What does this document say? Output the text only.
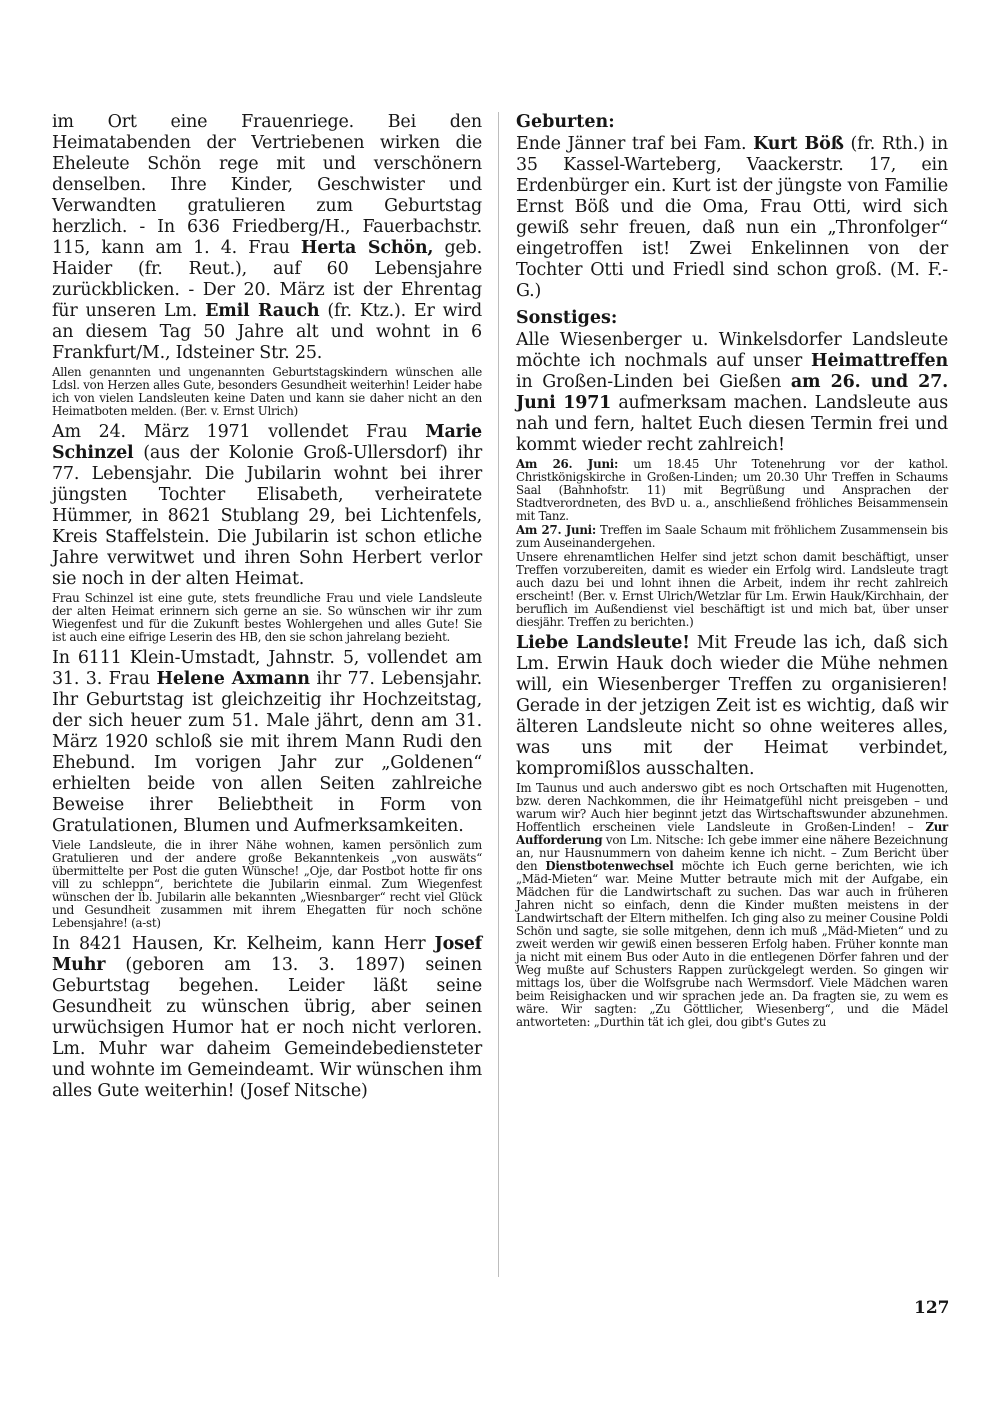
im Ort eine Frauenriege. Bei den Heimatabenden der Vertriebenen wirken die Eheleute Schön rege mit und verschönern denselben. Ihre Kinder, Geschwister und Verwandten gratulieren zum Geburtstag herzlich. - In 636 Friedberg/H., Fauerbachstr. 115, kann am 1. 4. Frau Herta Schön, geb. Haider (fr. Reut.), auf 60 Lebensjahre zurückblicken. - Der 20. März ist der Ehrentag für unseren Lm. Emil Rauch (fr. Ktz.). Er wird an diesem Tag 50 Jahre alt und wohnt in 6 Frankfurt/M., Idsteiner Str. 25.

Allen genannten und ungenannten Geburtstagskindern wünschen alle Ldsl. von Herzen alles Gute, besonders Gesundheit weiterhin! Leider habe ich von vielen Landsleuten keine Daten und kann sie daher nicht an den Heimatboten melden. (Ber. v. Ernst Ulrich)

Am 24. März 1971 vollendet Frau Marie Schinzel (aus der Kolonie Groß-Ullersdorf) ihr 77. Lebensjahr. Die Jubilarin wohnt bei ihrer jüngsten Tochter Elisabeth, verheiratete Hümmer, in 8621 Stublang 29, bei Lichtenfels, Kreis Staffelstein. Die Jubilarin ist schon etliche Jahre verwitwet und ihren Sohn Herbert verlor sie noch in der alten Heimat.

Frau Schinzel ist eine gute, stets freundliche Frau und viele Landsleute der alten Heimat erinnern sich gerne an sie. So wünschen wir ihr zum Wiegenfest und für die Zukunft bestes Wohlergehen und alles Gute! Sie ist auch eine eifrige Leserin des HB, den sie schon jahrelang bezieht.

In 6111 Klein-Umstadt, Jahnstr. 5, vollendet am 31. 3. Frau Helene Axmann ihr 77. Lebensjahr. Ihr Geburtstag ist gleichzeitig ihr Hochzeitstag, der sich heuer zum 51. Male jährt, denn am 31. März 1920 schloß sie mit ihrem Mann Rudi den Ehebund. Im vorigen Jahr zur „Goldenen“ erhielten beide von allen Seiten zahlreiche Beweise ihrer Beliebtheit in Form von Gratulationen, Blumen und Aufmerksamkeiten.

Viele Landsleute, die in ihrer Nähe wohnen, kamen persönlich zum Gratulieren und der andere große Bekanntenkeis „von auswäts“ übermittelte per Post die guten Wünsche! „Oje, dar Postbot hotte fir ons vill zu schleppn“, berichtete die Jubilarin einmal. Zum Wiegenfest wünschen der lb. Jubilarin alle bekannten „Wiesnbarger“ recht viel Glück und Gesundheit zusammen mit ihrem Ehegatten für noch schöne Lebensjahre! (a-st)

In 8421 Hausen, Kr. Kelheim, kann Herr Josef Muhr (geboren am 13. 3. 1897) seinen Geburtstag begehen. Leider läßt seine Gesundheit zu wünschen übrig, aber seinen urwüchsigen Humor hat er noch nicht verloren. Lm. Muhr war daheim Gemeindebediensteter und wohnte im Gemeindeamt. Wir wünschen ihm alles Gute weiterhin! (Josef Nitsche)

Geburten:

Ende Jänner traf bei Fam. Kurt Böß (fr. Rth.) in 35 Kassel-Warteberg, Vaackerstr. 17, ein Erdenbürger ein. Kurt ist der jüngste von Familie Ernst Böß und die Oma, Frau Otti, wird sich gewiß sehr freuen, daß nun ein „Thronfolger“ eingetroffen ist! Zwei Enkelinnen von der Tochter Otti und Friedl sind schon groß. (M. F.-G.)

Sonstiges:

Alle Wiesenberger u. Winkelsdorfer Landsleute möchte ich nochmals auf unser Heimattreffen in Großen-Linden bei Gießen am 26. und 27. Juni 1971 aufmerksam machen. Landsleute aus nah und fern, haltet Euch diesen Termin frei und kommt wieder recht zahlreich!

Am 26. Juni: um 18.45 Uhr Totenehrung vor der kathol. Christkönigskirche in Großen-Linden; um 20.30 Uhr Treffen in Schaums Saal (Bahnhofstr. 11) mit Begrüßung und Ansprachen der Stadtverordneten, des BvD u. a., anschließend fröhliches Beisammensein mit Tanz.

Am 27. Juni: Treffen im Saale Schaum mit fröhlichem Zusammensein bis zum Auseinandergehen.

Unsere ehrenamtlichen Helfer sind jetzt schon damit beschäftigt, unser Treffen vorzubereiten, damit es wieder ein Erfolg wird. Landsleute tragt auch dazu bei und lohnt ihnen die Arbeit, indem ihr recht zahlreich erscheint! (Ber. v. Ernst Ulrich/Wetzlar für Lm. Erwin Hauk/Kirchhain, der beruflich im Außendienst viel beschäftigt ist und mich bat, über unser diesjähr. Treffen zu berichten.)

Liebe Landsleute! Mit Freude las ich, daß sich Lm. Erwin Hauk doch wieder die Mühe nehmen will, ein Wiesenberger Treffen zu organisieren! Gerade in der jetzigen Zeit ist es wichtig, daß wir älteren Landsleute nicht so ohne weiteres alles, was uns mit der Heimat verbindet, kompromißlos ausschalten.

Im Taunus und auch anderswo gibt es noch Ortschaften mit Hugenotten, bzw. deren Nachkommen, die ihr Heimatgefühl nicht preisgeben – und warum wir? Auch hier beginnt jetzt das Wirtschaftswunder abzunehmen. Hoffentlich erscheinen viele Landsleute in Großen-Linden! – Zur Aufforderung von Lm. Nitsche: Ich gebe immer eine nähere Bezeichnung an, nur Hausnummern von daheim kenne ich nicht. – Zum Bericht über den Dienstbotenwechsel möchte ich Euch gerne berichten, wie ich „Mäd-Mieten“ war. Meine Mutter betraute mich mit der Aufgabe, ein Mädchen für die Landwirtschaft zu suchen. Das war auch in früheren Jahren nicht so einfach, denn die Kinder mußten meistens in der Landwirtschaft der Eltern mithelfen. Ich ging also zu meiner Cousine Poldi Schön und sagte, sie solle mitgehen, denn ich muß „Mäd-Mieten“ und zu zweit werden wir gewiß einen besseren Erfolg haben. Früher konnte man ja nicht mit einem Bus oder Auto in die entlegenen Dörfer fahren und der Weg mußte auf Schusters Rappen zurückgelegt werden. So gingen wir mittags los, über die Wolfsgrube nach Wermsdorf. Viele Mädchen waren beim Reisighacken und wir sprachen jede an. Da fragten sie, zu wem es wäre. Wir sagten: „Zu Göttlicher, Wiesenberg“, und die Mädel antworteten: „Durthin tät ich glei, dou gibt's Gutes zu

127
